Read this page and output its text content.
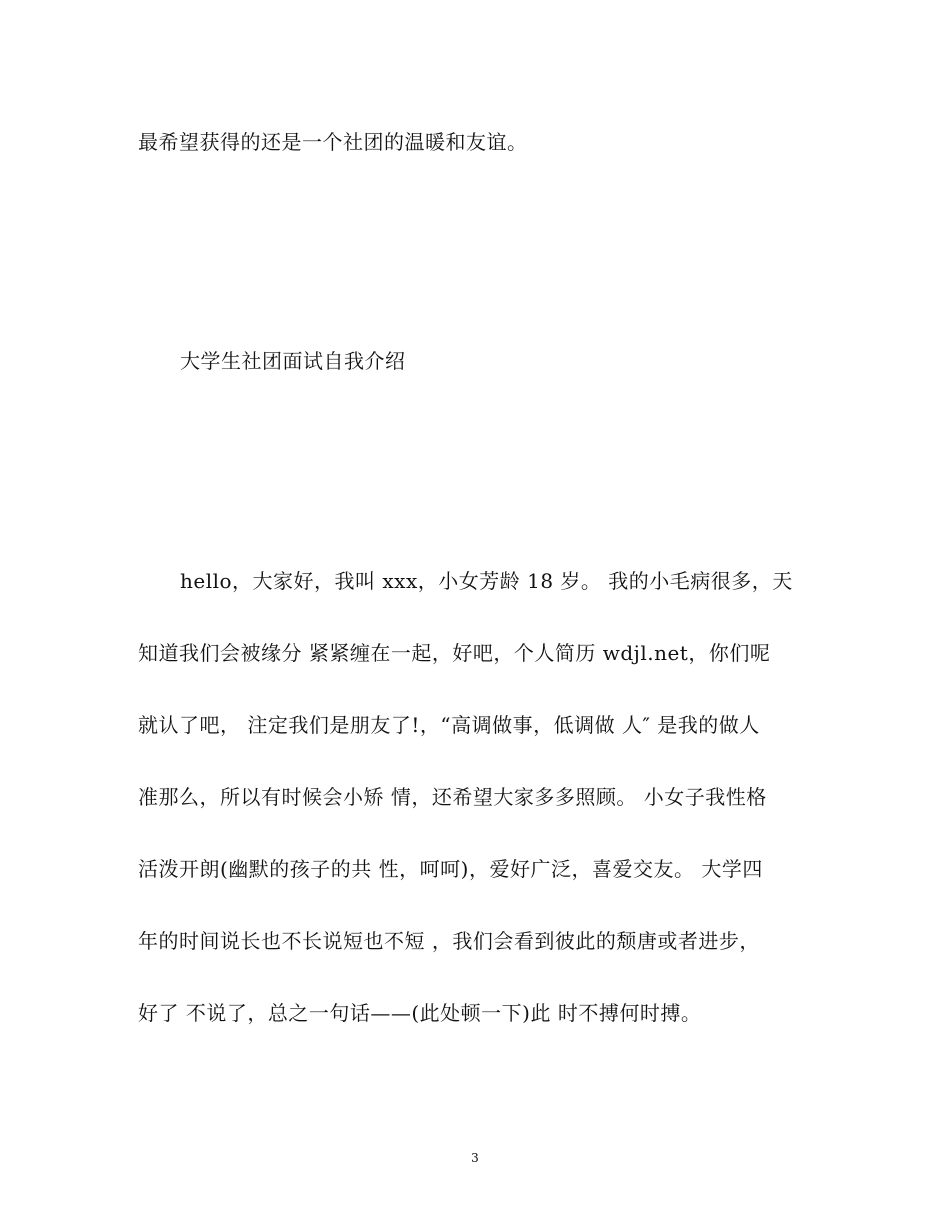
最希望获得的还是一个社团的温暖和友谊。
大学生社团面试自我介绍
hello，大家好，我叫 xxx，小女芳龄 18 岁。 我的小毛病很多，天
知道我们会被缘分 紧紧缠在一起，好吧，个人简历 wdjl.net，你们呢
就认了吧， 注定我们是朋友了!，“高调做事，低调做 人″ 是我的做人
准那么，所以有时候会小矫 情，还希望大家多多照顾。 小女子我性格
活泼开朗(幽默的孩子的共 性，呵呵)，爱好广泛，喜爱交友。 大学四
年的时间说长也不长说短也不短 ，我们会看到彼此的颓唐或者进步，
好了 不说了，总之一句话——(此处顿一下)此 时不搏何时搏。
3
